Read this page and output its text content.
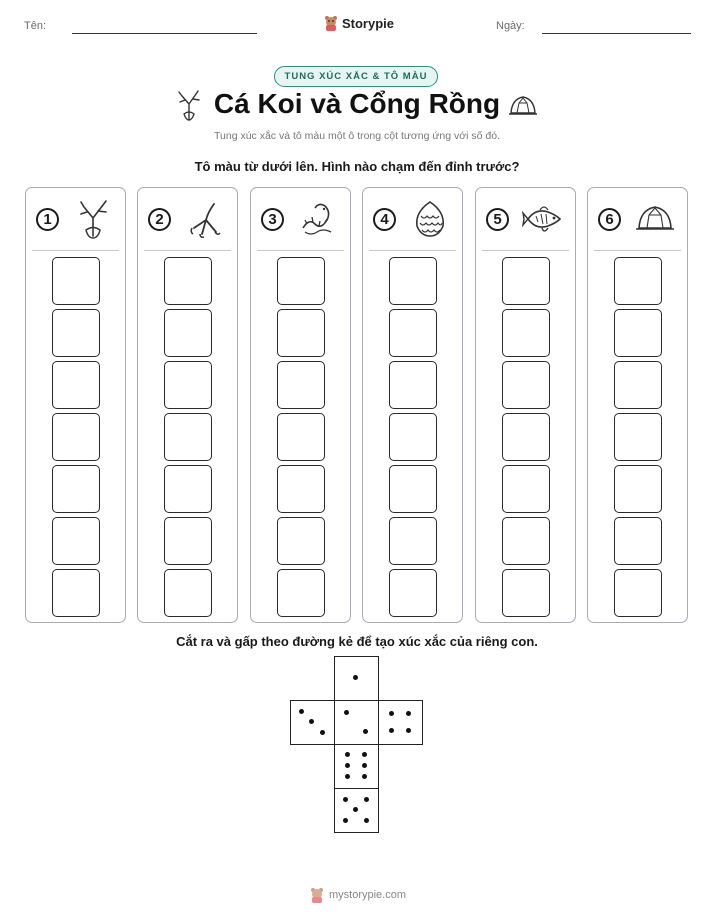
Tên:	Storypie	Ngày:
TUNG XÚC XẮC & TÔ MÀU
Cá Koi và Cổng Rồng
Tung xúc xắc và tô màu một ô trong cột tương ứng với số đó.
Tô màu từ dưới lên. Hình nào chạm đến đỉnh trước?
1	2	3	4	5	6
Cắt ra và gấp theo đường kẻ để tạo xúc xắc của riêng con.
mystorypie.com
